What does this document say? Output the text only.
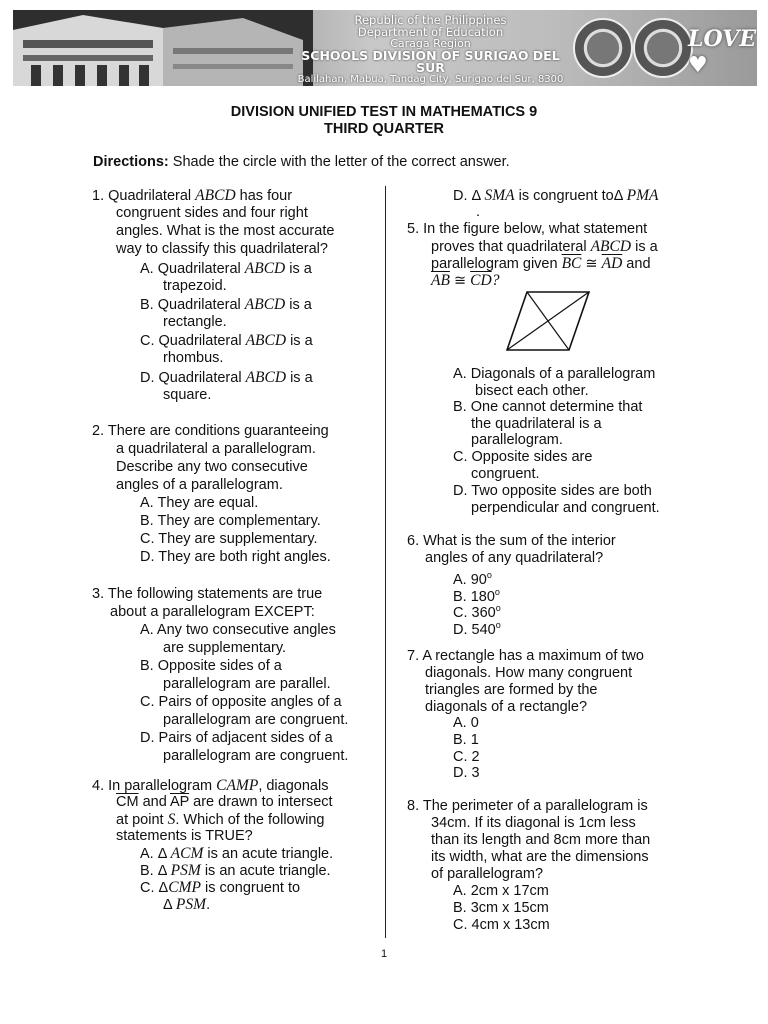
Republic of the Philippines
Department of Education
Caraga Region
SCHOOLS DIVISION OF SURIGAO DEL SUR
Balilahan, Mabua, Tandag City, Surigao del Sur, 8300
LOVE ♥
DIVISION UNIFIED TEST IN MATHEMATICS 9
THIRD QUARTER
Directions: Shade the circle with the letter of the correct answer.
1. Quadrilateral ABCD has four
congruent sides and four right
angles. What is the most accurate
way to classify this quadrilateral?
A. Quadrilateral ABCD is a
trapezoid.
B. Quadrilateral ABCD is a
rectangle.
C. Quadrilateral ABCD is a
rhombus.
D. Quadrilateral ABCD is a
square.
2. There are conditions guaranteeing
a quadrilateral a parallelogram.
Describe any two consecutive
angles of a parallelogram.
A. They are equal.
B. They are complementary.
C. They are supplementary.
D. They are both right angles.
3. The following statements are true
about a parallelogram EXCEPT:
A. Any two consecutive angles
are supplementary.
B. Opposite sides of a
parallelogram are parallel.
C. Pairs of opposite angles of a
parallelogram are congruent.
D. Pairs of adjacent sides of a
parallelogram are congruent.
4. In parallelogram CAMP, diagonals
$\overline{CM}$ and $\overline{AP}$ are drawn to intersect
at point S. Which of the following
statements is TRUE?
A. Δ ACM is an acute triangle.
B. Δ PSM is an acute triangle.
C. ΔCMP is congruent to
Δ PSM.
D. Δ SMA is congruent toΔ PMA
.
5. In the figure below, what statement
proves that quadrilateral ABCD is a
parallelogram given $\overline{BC}$ ≅ $\overline{AD}$ and
$\overline{AB}$ ≅ $\overline{CD}$?
A. Diagonals of a parallelogram
bisect each other.
B. One cannot determine that
the quadrilateral is a
parallelogram.
C. Opposite sides are
congruent.
D. Two opposite sides are both
perpendicular and congruent.
6. What is the sum of the interior
angles of any quadrilateral?
A. 90$^o$
B. 180$^o$
C. 360$^o$
D. 540$^o$
7. A rectangle has a maximum of two
diagonals. How many congruent
triangles are formed by the
diagonals of a rectangle?
A. 0
B. 1
C. 2
D. 3
8. The perimeter of a parallelogram is
34cm. If its diagonal is 1cm less
than its length and 8cm more than
its width, what are the dimensions
of parallelogram?
A. 2cm x 17cm
B. 3cm x 15cm
C. 4cm x 13cm
1
